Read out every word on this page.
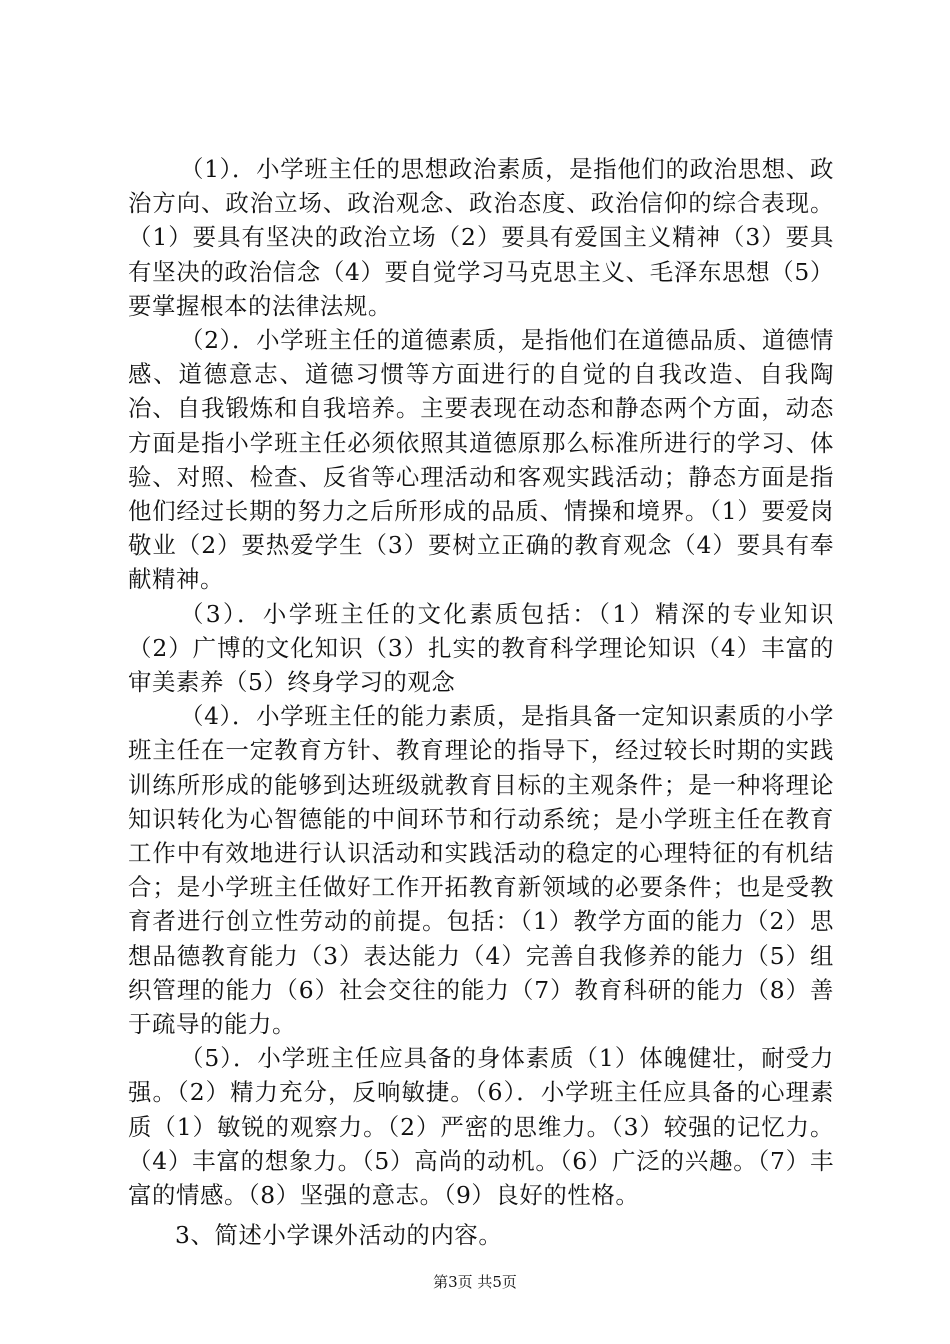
（1）．小学班主任的思想政治素质，是指他们的政治思想、政治方向、政治立场、政治观念、政治态度、政治信仰的综合表现。（1）要具有坚决的政治立场（2）要具有爱国主义精神（3）要具有坚决的政治信念（4）要自觉学习马克思主义、毛泽东思想（5）要掌握根本的法律法规。

（2）．小学班主任的道德素质，是指他们在道德品质、道德情感、道德意志、道德习惯等方面进行的自觉的自我改造、自我陶冶、自我锻炼和自我培养。主要表现在动态和静态两个方面，动态方面是指小学班主任必须依照其道德原那么标准所进行的学习、体验、对照、检查、反省等心理活动和客观实践活动；静态方面是指他们经过长期的努力之后所形成的品质、情操和境界。（1）要爱岗敬业（2）要热爱学生（3）要树立正确的教育观念（4）要具有奉献精神。

（3）．小学班主任的文化素质包括：（1）精深的专业知识（2）广博的文化知识（3）扎实的教育科学理论知识（4）丰富的审美素养（5）终身学习的观念

（4）．小学班主任的能力素质，是指具备一定知识素质的小学班主任在一定教育方针、教育理论的指导下，经过较长时期的实践训练所形成的能够到达班级就教育目标的主观条件；是一种将理论知识转化为心智德能的中间环节和行动系统；是小学班主任在教育工作中有效地进行认识活动和实践活动的稳定的心理特征的有机结合；是小学班主任做好工作开拓教育新领域的必要条件；也是受教育者进行创立性劳动的前提。包括：（1）教学方面的能力（2）思想品德教育能力（3）表达能力（4）完善自我修养的能力（5）组织管理的能力（6）社会交往的能力（7）教育科研的能力（8）善于疏导的能力。

（5）．小学班主任应具备的身体素质（1）体魄健壮，耐受力强。（2）精力充分，反响敏捷。（6）．小学班主任应具备的心理素质（1）敏锐的观察力。（2）严密的思维力。（3）较强的记忆力。（4）丰富的想象力。（5）高尚的动机。（6）广泛的兴趣。（7）丰富的情感。（8）坚强的意志。（9）良好的性格。

3、简述小学课外活动的内容。

第3页 共5页
